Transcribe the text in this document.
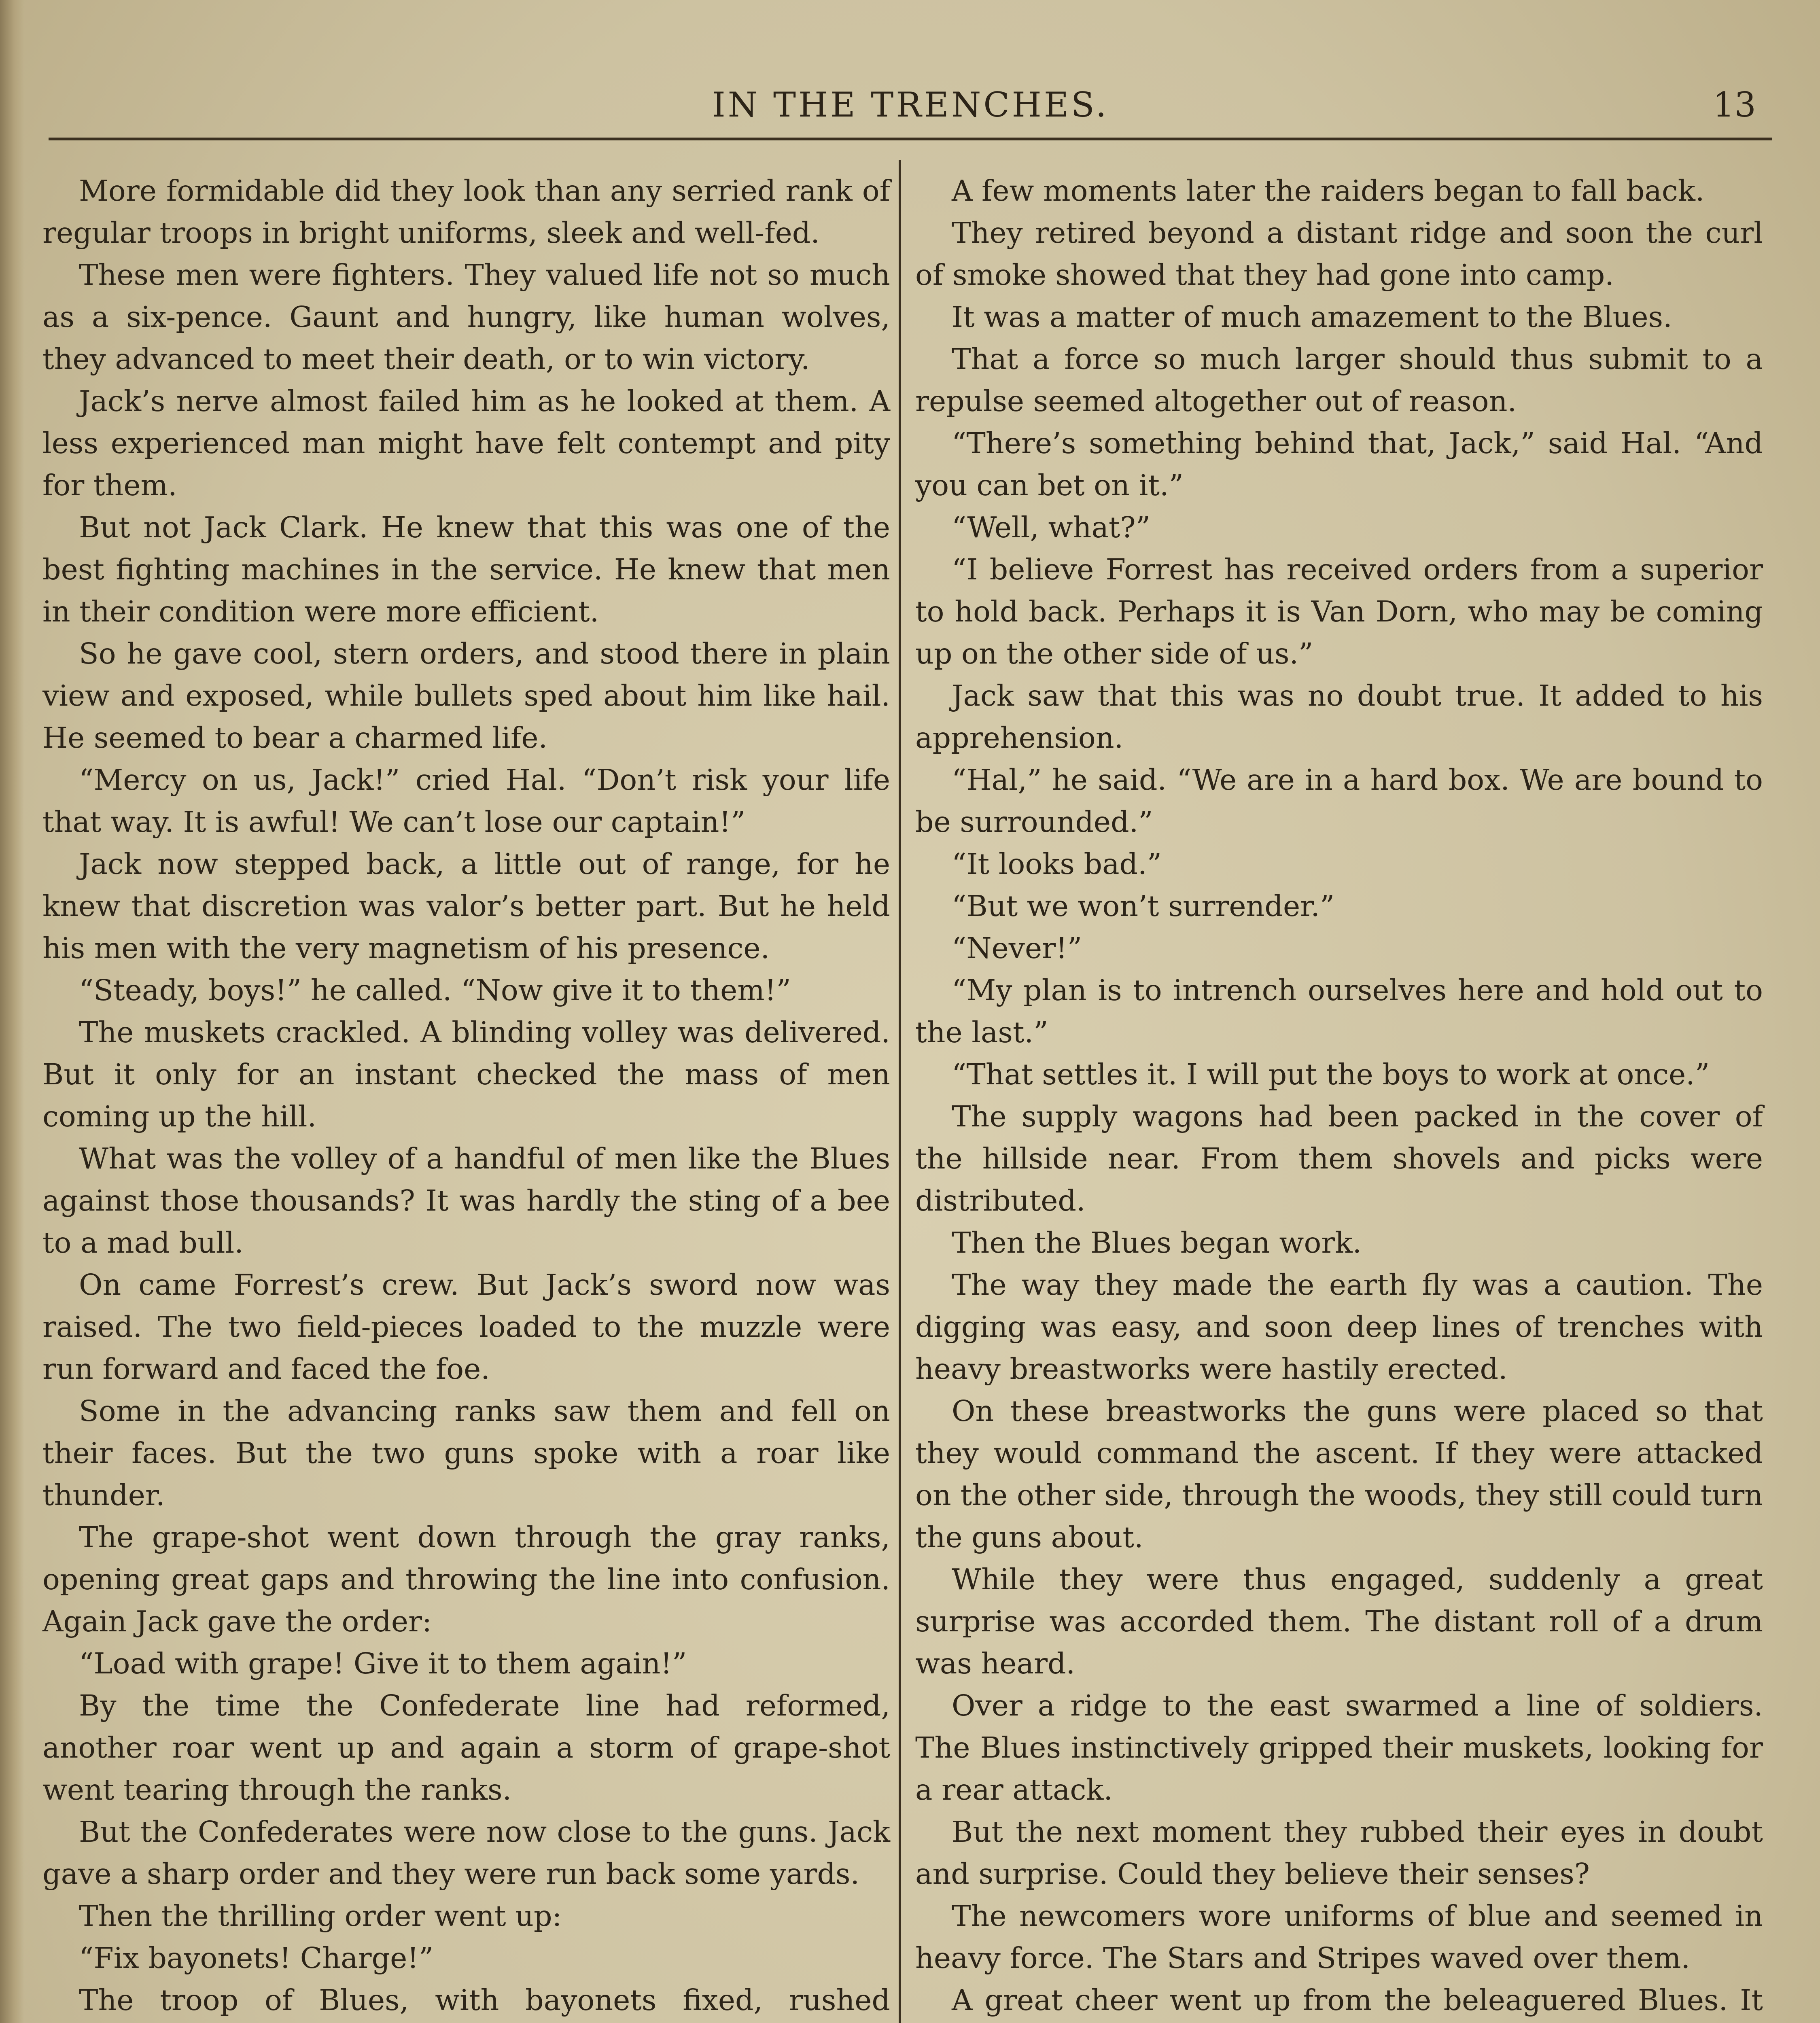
IN THE TRENCHES.	13

More formidable did they look than any serried rank of regular troops in bright uniforms, sleek and well-fed.

These men were fighters. They valued life not so much as a six-pence. Gaunt and hungry, like human wolves, they advanced to meet their death, or to win victory.

Jack’s nerve almost failed him as he looked at them. A less experienced man might have felt contempt and pity for them.

But not Jack Clark. He knew that this was one of the best fighting machines in the service. He knew that men in their condition were more efficient.

So he gave cool, stern orders, and stood there in plain view and exposed, while bullets sped about him like hail. He seemed to bear a charmed life.

“Mercy on us, Jack!” cried Hal. “Don’t risk your life that way. It is awful! We can’t lose our captain!”

Jack now stepped back, a little out of range, for he knew that discretion was valor’s better part. But he held his men with the very magnetism of his presence.

“Steady, boys!” he called. “Now give it to them!”

The muskets crackled. A blinding volley was delivered. But it only for an instant checked the mass of men coming up the hill.

What was the volley of a handful of men like the Blues against those thousands? It was hardly the sting of a bee to a mad bull.

On came Forrest’s crew. But Jack’s sword now was raised. The two field-pieces loaded to the muzzle were run forward and faced the foe.

Some in the advancing ranks saw them and fell on their faces. But the two guns spoke with a roar like thunder.

The grape-shot went down through the gray ranks, opening great gaps and throwing the line into confusion. Again Jack gave the order:

“Load with grape! Give it to them again!”

By the time the Confederate line had reformed, another roar went up and again a storm of grape-shot went tearing through the ranks.

But the Confederates were now close to the guns. Jack gave a sharp order and they were run back some yards.

Then the thrilling order went up:

“Fix bayonets! Charge!”

The troop of Blues, with bayonets fixed, rushed

A few moments later the raiders began to fall back.

They retired beyond a distant ridge and soon the curl of smoke showed that they had gone into camp.

It was a matter of much amazement to the Blues.

That a force so much larger should thus submit to a repulse seemed altogether out of reason.

“There’s something behind that, Jack,” said Hal. “And you can bet on it.”

“Well, what?”

“I believe Forrest has received orders from a superior to hold back. Perhaps it is Van Dorn, who may be coming up on the other side of us.”

Jack saw that this was no doubt true. It added to his apprehension.

“Hal,” he said. “We are in a hard box. We are bound to be surrounded.”

“It looks bad.”

“But we won’t surrender.”

“Never!”

“My plan is to intrench ourselves here and hold out to the last.”

“That settles it. I will put the boys to work at once.”

The supply wagons had been packed in the cover of the hillside near. From them shovels and picks were distributed.

Then the Blues began work.

The way they made the earth fly was a caution. The digging was easy, and soon deep lines of trenches with heavy breastworks were hastily erected.

On these breastworks the guns were placed so that they would command the ascent. If they were attacked on the other side, through the woods, they still could turn the guns about.

While they were thus engaged, suddenly a great surprise was accorded them. The distant roll of a drum was heard.

Over a ridge to the east swarmed a line of soldiers. The Blues instinctively gripped their muskets, looking for a rear attack.

But the next moment they rubbed their eyes in doubt and surprise. Could they believe their senses?

The newcomers wore uniforms of blue and seemed in heavy force. The Stars and Stripes waved over them.

A great cheer went up from the beleaguered Blues. It
